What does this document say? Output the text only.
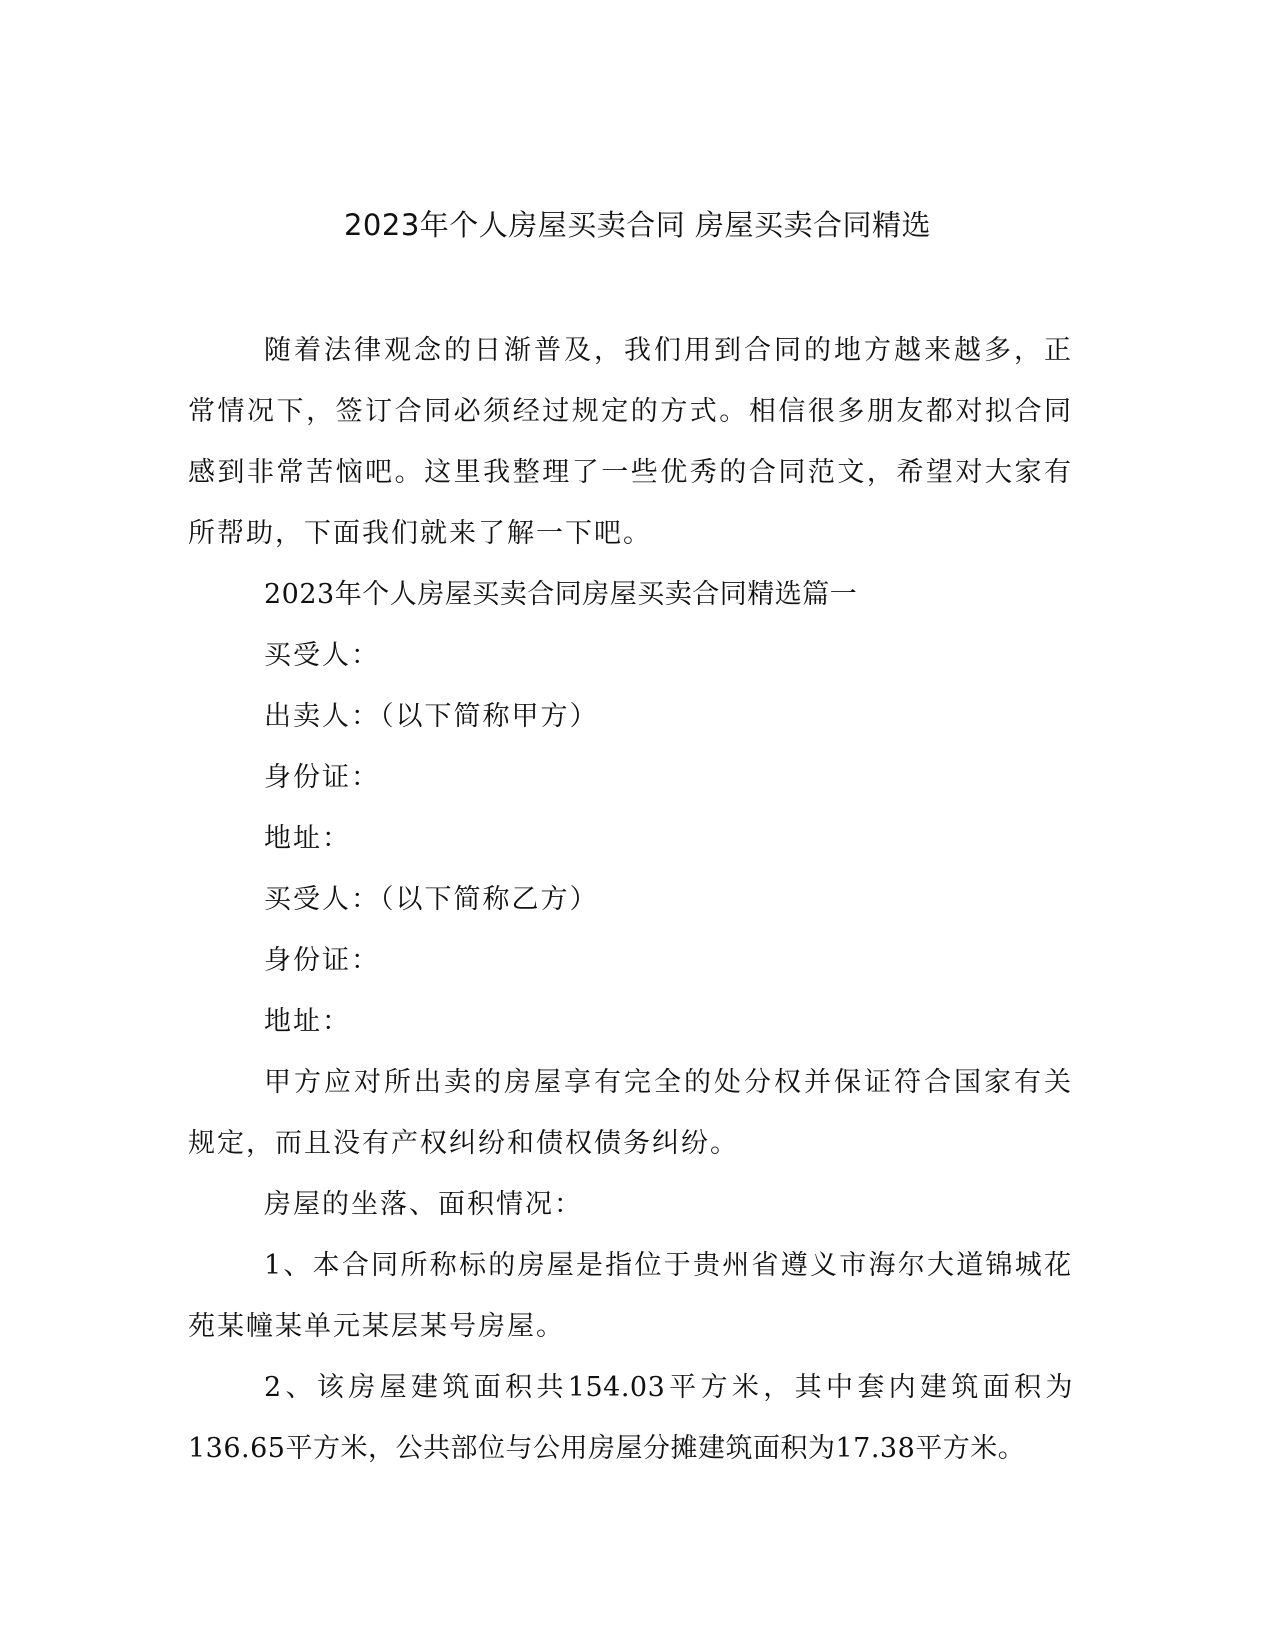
2023年个人房屋买卖合同 房屋买卖合同精选

随着法律观念的日渐普及，我们用到合同的地方越来越多，正常情况下，签订合同必须经过规定的方式。相信很多朋友都对拟合同感到非常苦恼吧。这里我整理了一些优秀的合同范文，希望对大家有所帮助，下面我们就来了解一下吧。

2023年个人房屋买卖合同房屋买卖合同精选篇一

买受人：

出卖人：（以下简称甲方）

身份证：

地址：

买受人：（以下简称乙方）

身份证：

地址：

甲方应对所出卖的房屋享有完全的处分权并保证符合国家有关规定，而且没有产权纠纷和债权债务纠纷。

房屋的坐落、面积情况：

1、本合同所称标的房屋是指位于贵州省遵义市海尔大道锦城花苑某幢某单元某层某号房屋。

2、该房屋建筑面积共154.03平方米，其中套内建筑面积为136.65平方米，公共部位与公用房屋分摊建筑面积为17.38平方米。
